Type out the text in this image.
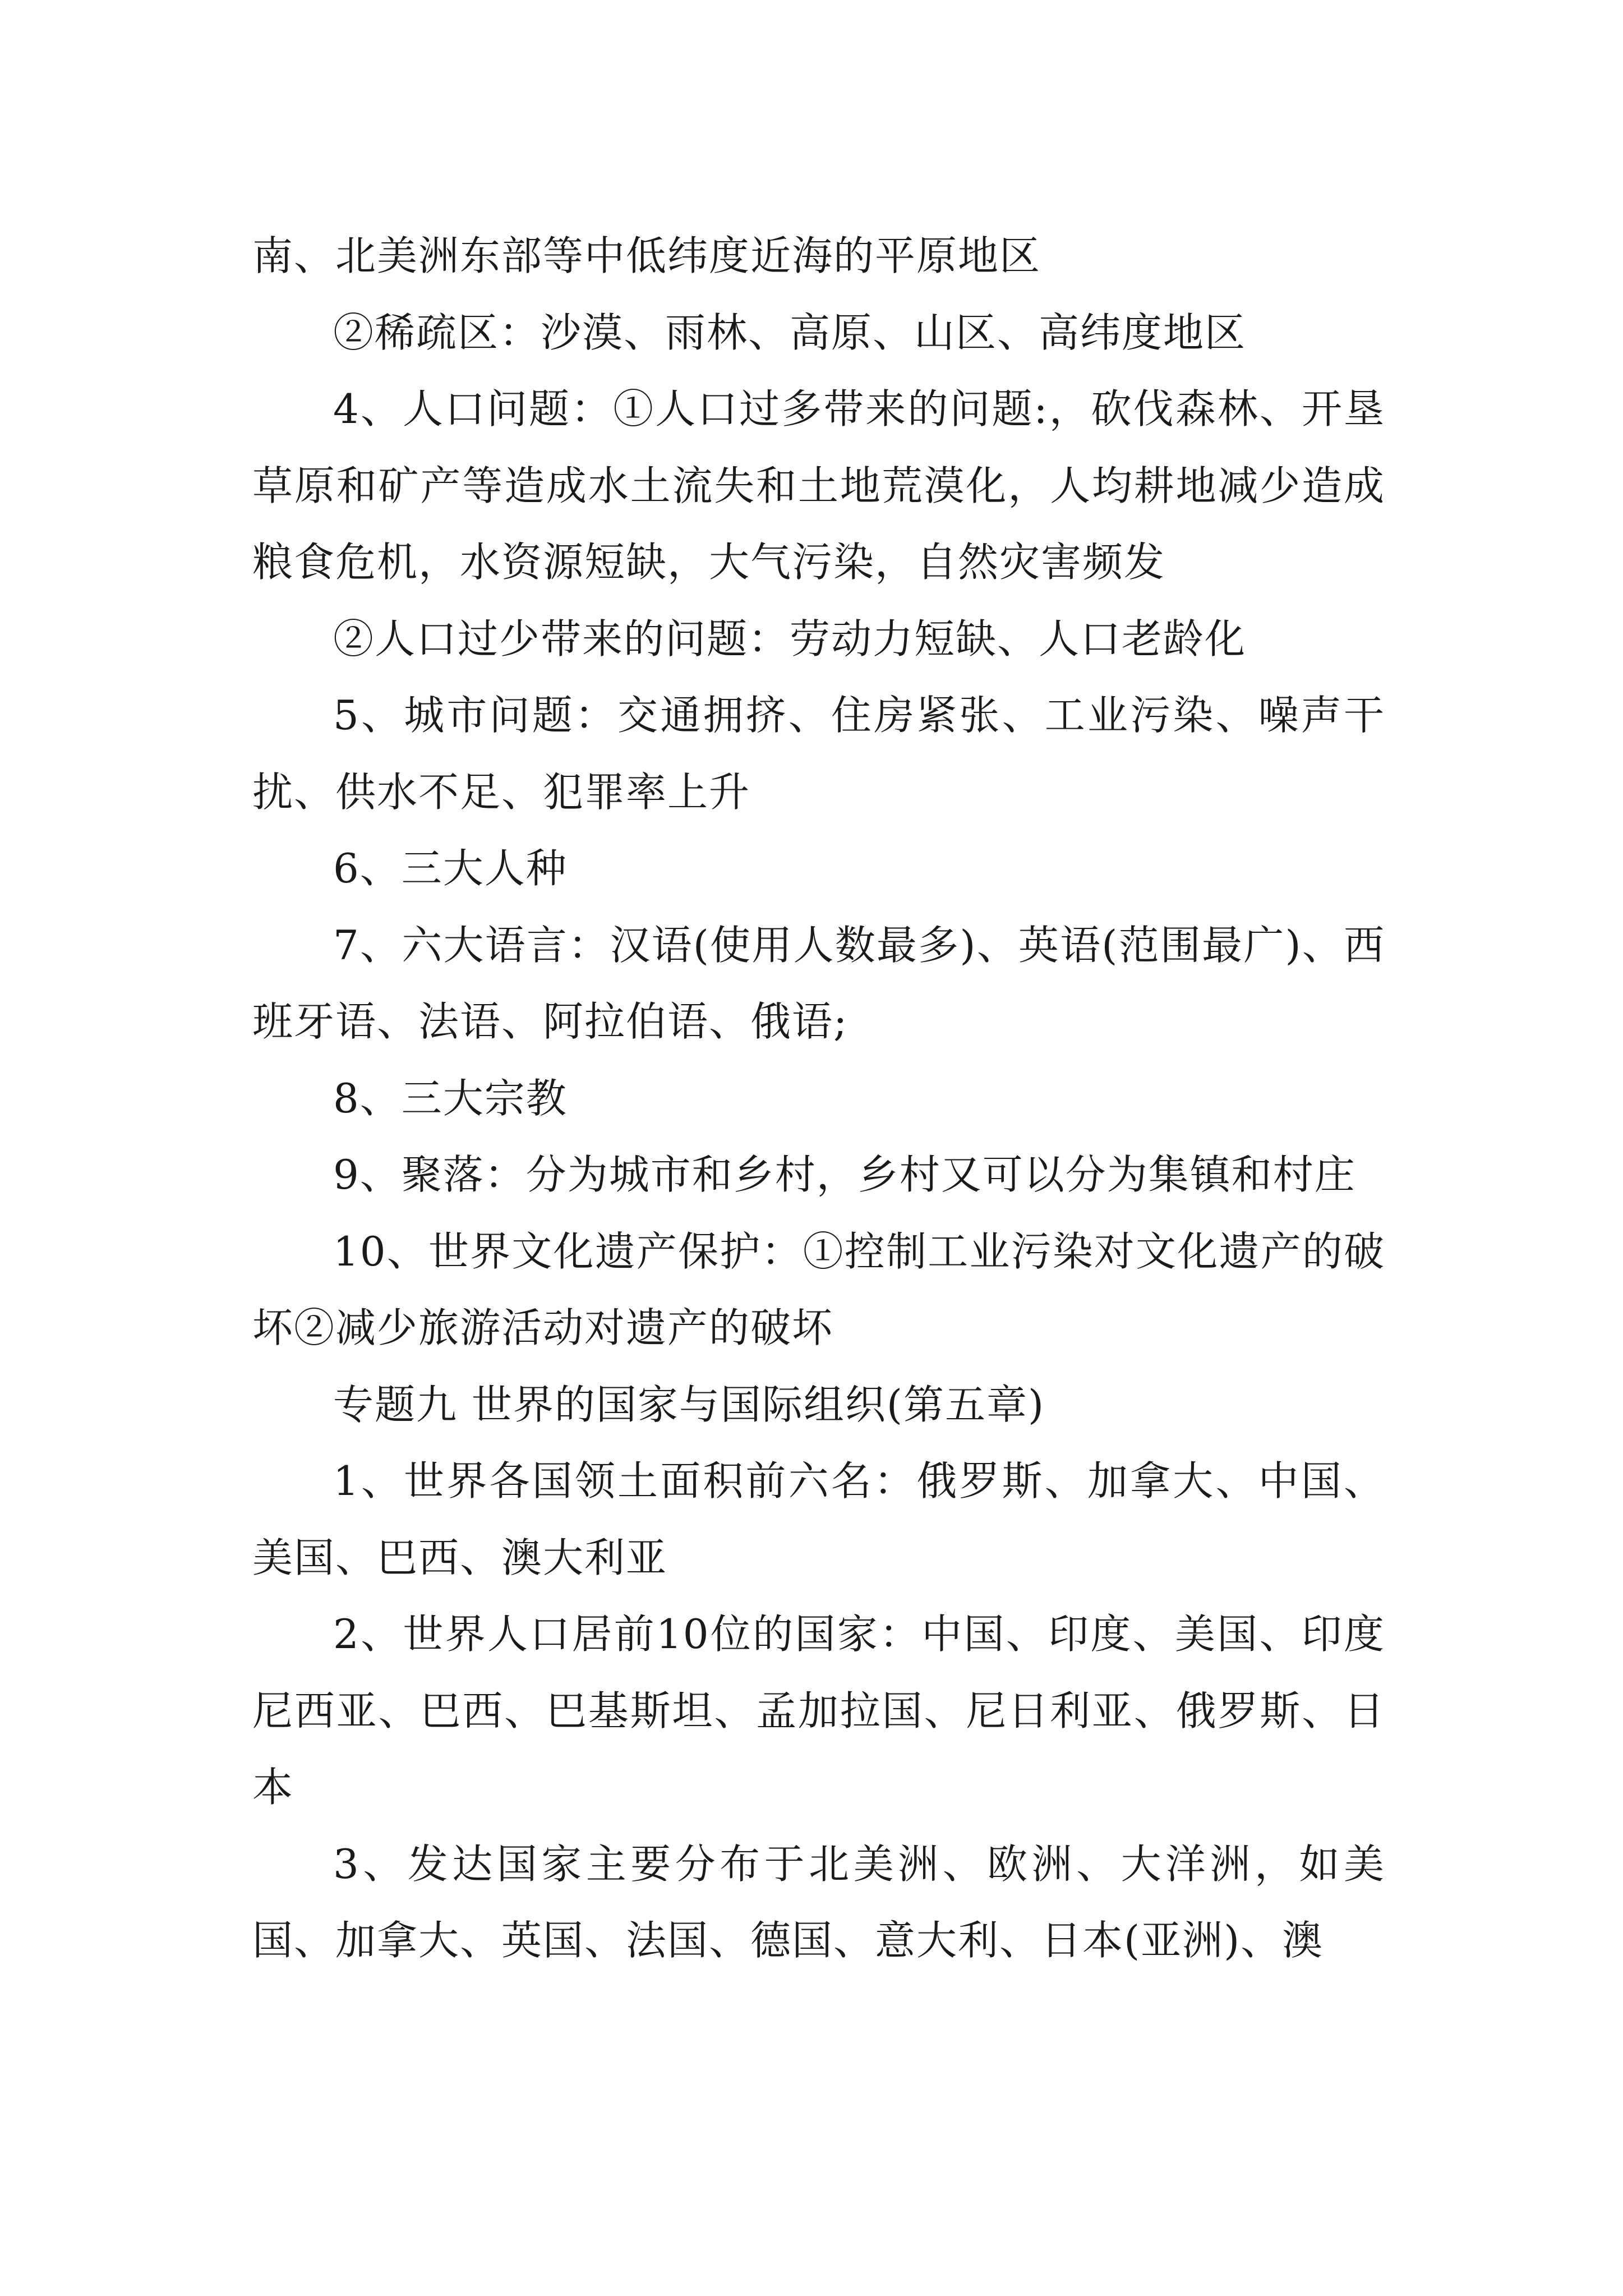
南、北美洲东部等中低纬度近海的平原地区

②稀疏区：沙漠、雨林、高原、山区、高纬度地区

4、人口问题：①人口过多带来的问题:，砍伐森林、开垦草原和矿产等造成水土流失和土地荒漠化，人均耕地减少造成粮食危机，水资源短缺，大气污染，自然灾害频发

②人口过少带来的问题：劳动力短缺、人口老龄化

5、城市问题：交通拥挤、住房紧张、工业污染、噪声干扰、供水不足、犯罪率上升

6、三大人种

7、六大语言：汉语(使用人数最多)、英语(范围最广)、西班牙语、法语、阿拉伯语、俄语;

8、三大宗教

9、聚落：分为城市和乡村，乡村又可以分为集镇和村庄

10、世界文化遗产保护：①控制工业污染对文化遗产的破坏②减少旅游活动对遗产的破坏

专题九 世界的国家与国际组织(第五章)

1、世界各国领土面积前六名：俄罗斯、加拿大、中国、美国、巴西、澳大利亚

2、世界人口居前10位的国家：中国、印度、美国、印度尼西亚、巴西、巴基斯坦、孟加拉国、尼日利亚、俄罗斯、日本

3、发达国家主要分布于北美洲、欧洲、大洋洲，如美国、加拿大、英国、法国、德国、意大利、日本(亚洲)、澳
